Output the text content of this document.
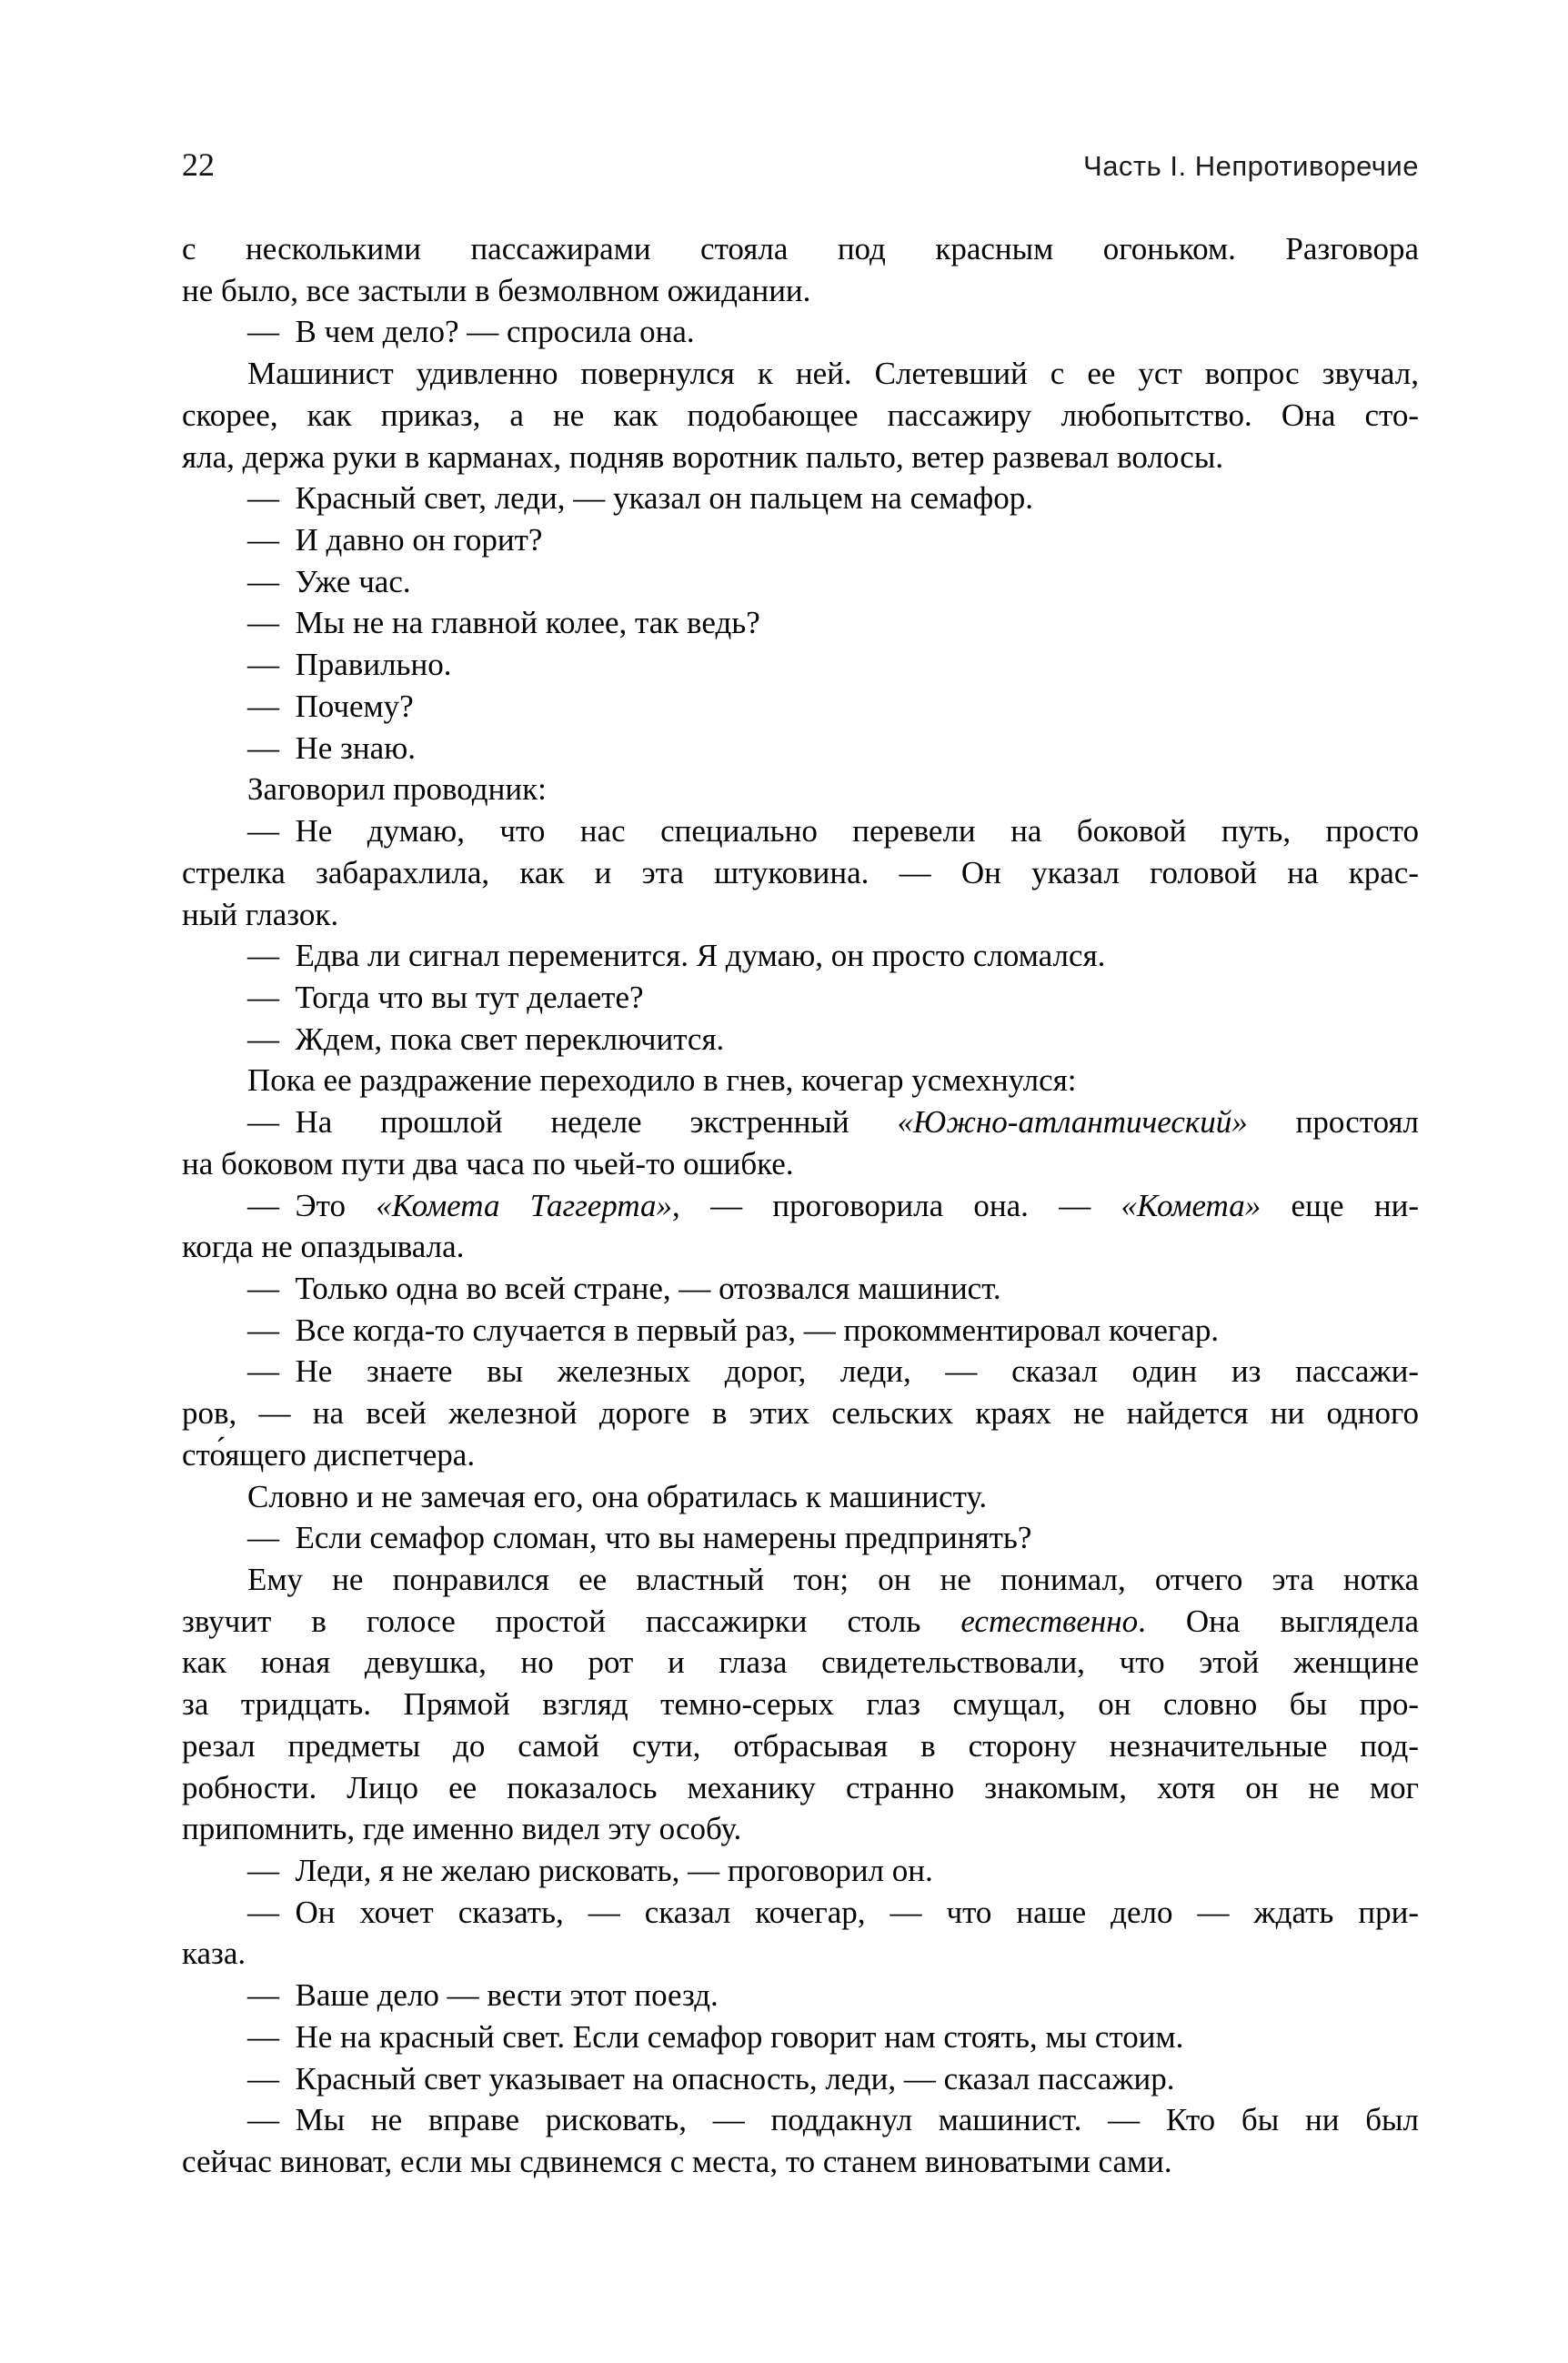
22	Часть I. Непротиворечие
с несколькими пассажирами стояла под красным огоньком. Разговора
не было, все застыли в безмолвном ожидании.
— В чем дело? — спросила она.
Машинист удивленно повернулся к ней. Слетевший с ее уст вопрос звучал,
скорее, как приказ, а не как подобающее пассажиру любопытство. Она сто-
яла, держа руки в карманах, подняв воротник пальто, ветер развевал волосы.
— Красный свет, леди, — указал он пальцем на семафор.
— И давно он горит?
— Уже час.
— Мы не на главной колее, так ведь?
— Правильно.
— Почему?
— Не знаю.
Заговорил проводник:
— Не думаю, что нас специально перевели на боковой путь, просто
стрелка забарахлила, как и эта штуковина. — Он указал головой на крас-
ный глазок.
— Едва ли сигнал переменится. Я думаю, он просто сломался.
— Тогда что вы тут делаете?
— Ждем, пока свет переключится.
Пока ее раздражение переходило в гнев, кочегар усмехнулся:
— На прошлой неделе экстренный «Южно-атлантический» простоял
на боковом пути два часа по чьей-то ошибке.
— Это «Комета Таггерта», — проговорила она. — «Комета» еще ни-
когда не опаздывала.
— Только одна во всей стране, — отозвался машинист.
— Все когда-то случается в первый раз, — прокомментировал кочегар.
— Не знаете вы железных дорог, леди, — сказал один из пассажи-
ров, — на всей железной дороге в этих сельских краях не найдется ни одного
сто́ящего диспетчера.
Словно и не замечая его, она обратилась к машинисту.
— Если семафор сломан, что вы намерены предпринять?
Ему не понравился ее властный тон; он не понимал, отчего эта нотка
звучит в голосе простой пассажирки столь естественно. Она выглядела
как юная девушка, но рот и глаза свидетельствовали, что этой женщине
за тридцать. Прямой взгляд темно-серых глаз смущал, он словно бы про-
резал предметы до самой сути, отбрасывая в сторону незначительные под-
робности. Лицо ее показалось механику странно знакомым, хотя он не мог
припомнить, где именно видел эту особу.
— Леди, я не желаю рисковать, — проговорил он.
— Он хочет сказать, — сказал кочегар, — что наше дело — ждать при-
каза.
— Ваше дело — вести этот поезд.
— Не на красный свет. Если семафор говорит нам стоять, мы стоим.
— Красный свет указывает на опасность, леди, — сказал пассажир.
— Мы не вправе рисковать, — поддакнул машинист. — Кто бы ни был
сейчас виноват, если мы сдвинемся с места, то станем виноватыми сами.
